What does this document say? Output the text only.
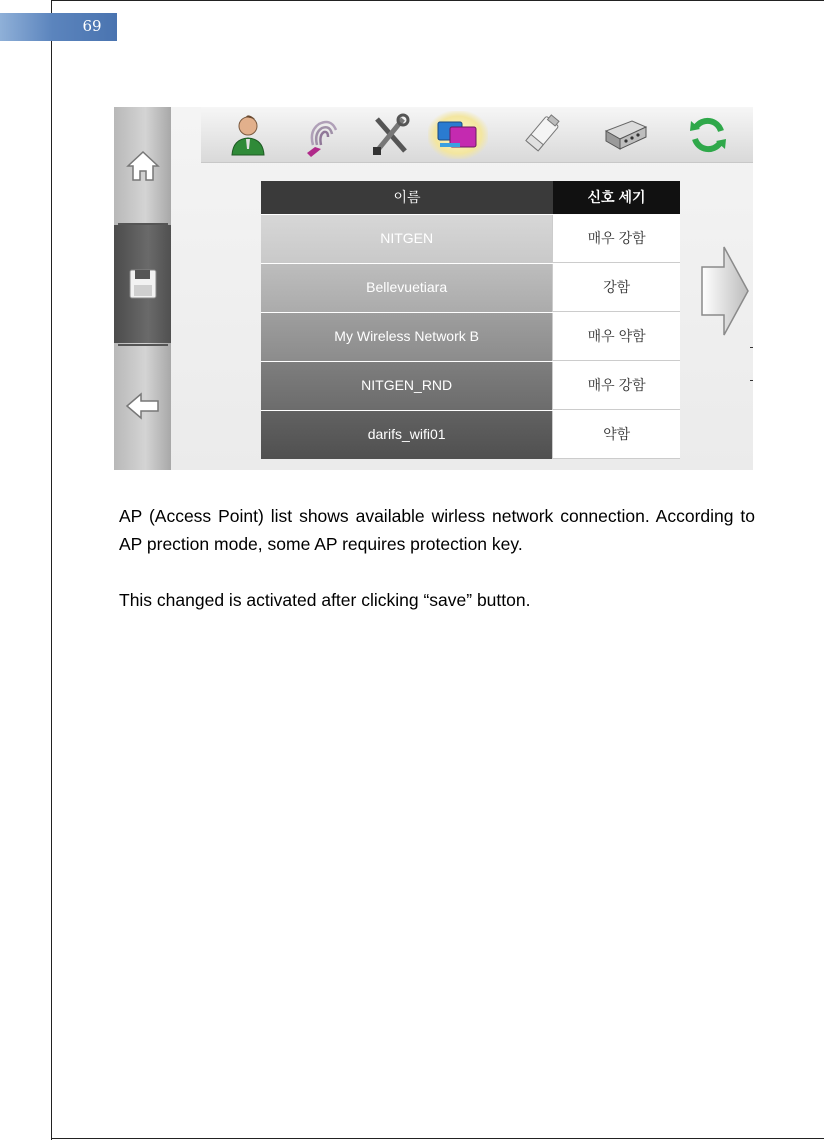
69
이름	신호 세기
NITGEN	매우 강함
Bellevuetiara	강함
My Wireless Network B	매우 약함
NITGEN_RND	매우 강함
darifs_wifi01	약함

AP (Access Point) list shows available wirless network connection. According to AP prection mode, some AP requires protection key.

This changed is activated after clicking “save” button.
